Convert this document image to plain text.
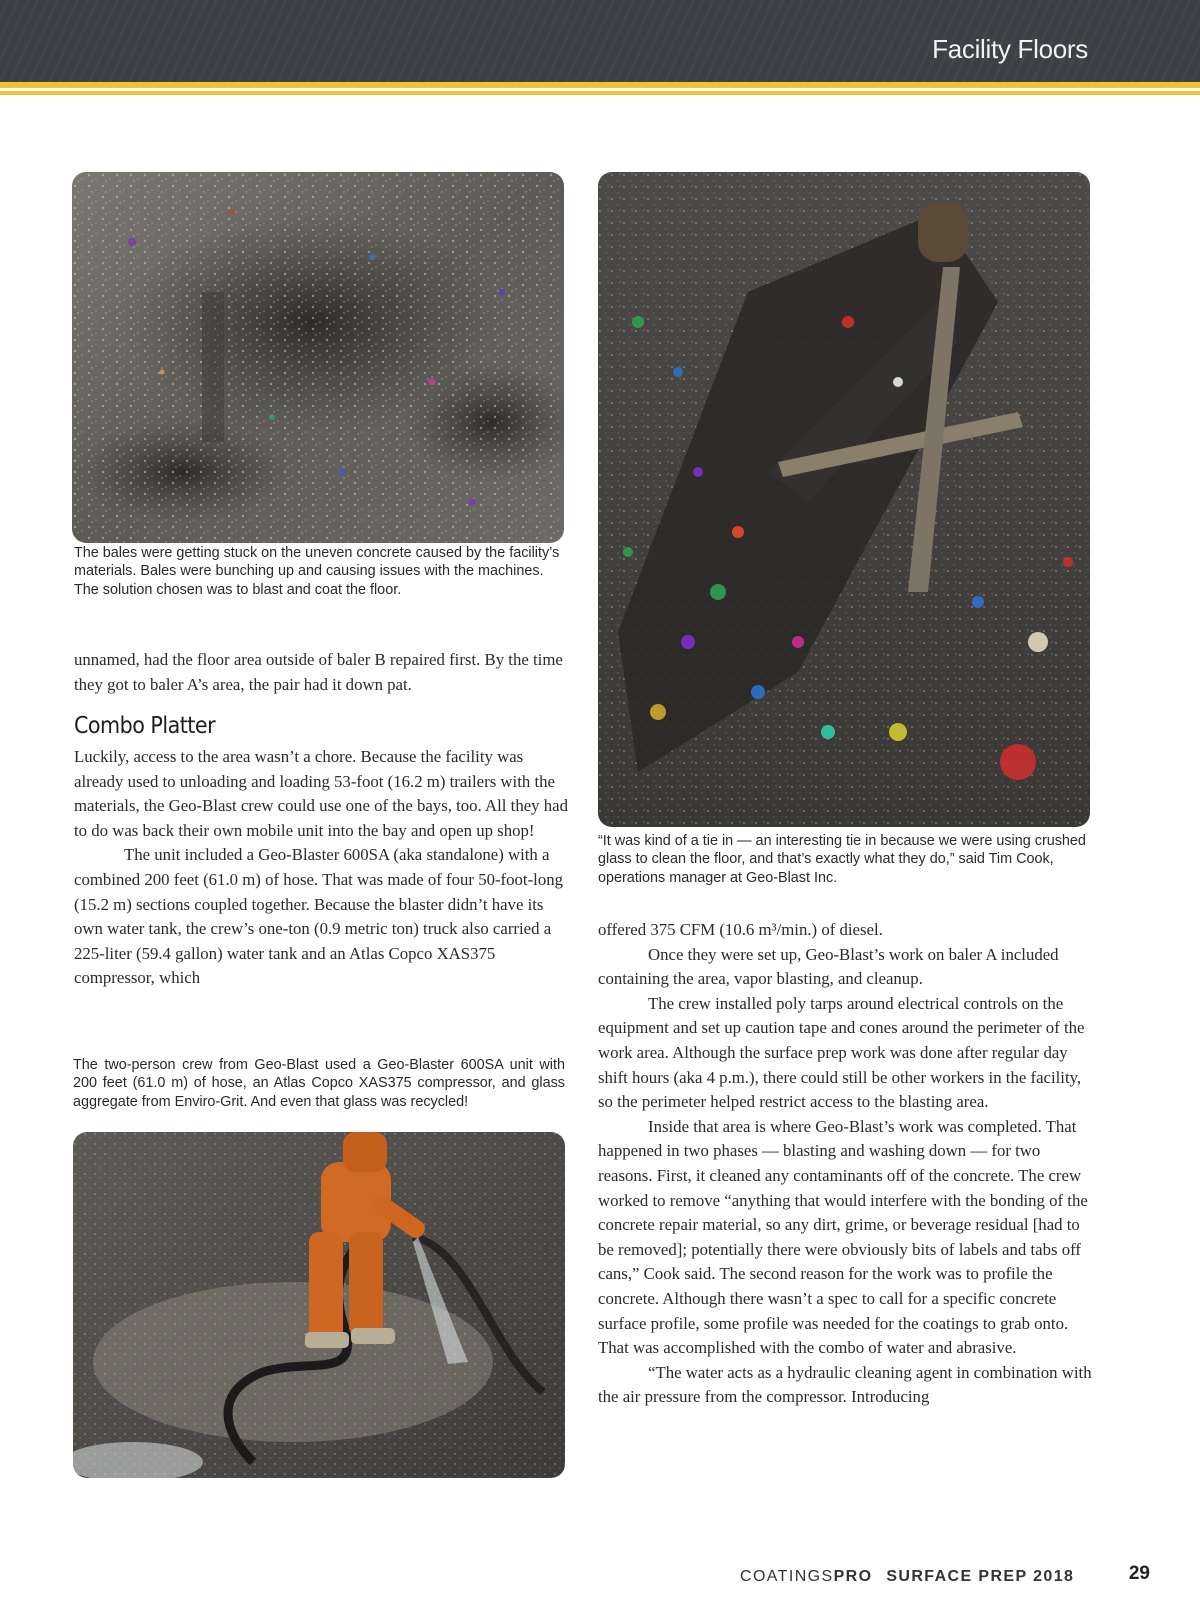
Facility Floors
The bales were getting stuck on the uneven concrete caused by the facility’s materials. Bales were bunching up and causing issues with the machines. The solution chosen was to blast and coat the floor.
“It was kind of a tie in — an interesting tie in because we were using crushed glass to clean the floor, and that’s exactly what they do,” said Tim Cook, operations manager at Geo-Blast Inc.

unnamed, had the floor area outside of baler B repaired first. By the time they got to baler A’s area, the pair had it down pat.

Combo Platter

Luckily, access to the area wasn’t a chore. Because the facility was already used to unloading and loading 53-foot (16.2 m) trailers with the materials, the Geo-Blast crew could use one of the bays, too. All they had to do was back their own mobile unit into the bay and open up shop!

The unit included a Geo-Blaster 600SA (aka standalone) with a combined 200 feet (61.0 m) of hose. That was made of four 50-foot-long (15.2 m) sections coupled together. Because the blaster didn’t have its own water tank, the crew’s one-ton (0.9 metric ton) truck also carried a 225-liter (59.4 gallon) water tank and an Atlas Copco XAS375 compressor, which

The two-person crew from Geo-Blast used a Geo-Blaster 600SA unit with 200 feet (61.0 m) of hose, an Atlas Copco XAS375 compressor, and glass aggregate from Enviro-Grit. And even that glass was recycled!

offered 375 CFM (10.6 m³/min.) of diesel.

Once they were set up, Geo-Blast’s work on baler A included containing the area, vapor blasting, and cleanup.

The crew installed poly tarps around electrical controls on the equipment and set up caution tape and cones around the perimeter of the work area. Although the surface prep work was done after regular day shift hours (aka 4 p.m.), there could still be other workers in the facility, so the perimeter helped restrict access to the blasting area.

Inside that area is where Geo-Blast’s work was completed. That happened in two phases — blasting and washing down — for two reasons. First, it cleaned any contaminants off of the concrete. The crew worked to remove “anything that would interfere with the bonding of the concrete repair material, so any dirt, grime, or beverage residual [had to be removed]; potentially there were obviously bits of labels and tabs off cans,” Cook said. The second reason for the work was to profile the concrete. Although there wasn’t a spec to call for a specific concrete surface profile, some profile was needed for the coatings to grab onto. That was accomplished with the combo of water and abrasive.

“The water acts as a hydraulic cleaning agent in combination with the air pressure from the compressor. Introducing

COATINGSPRO SURFACE PREP 2018	29
